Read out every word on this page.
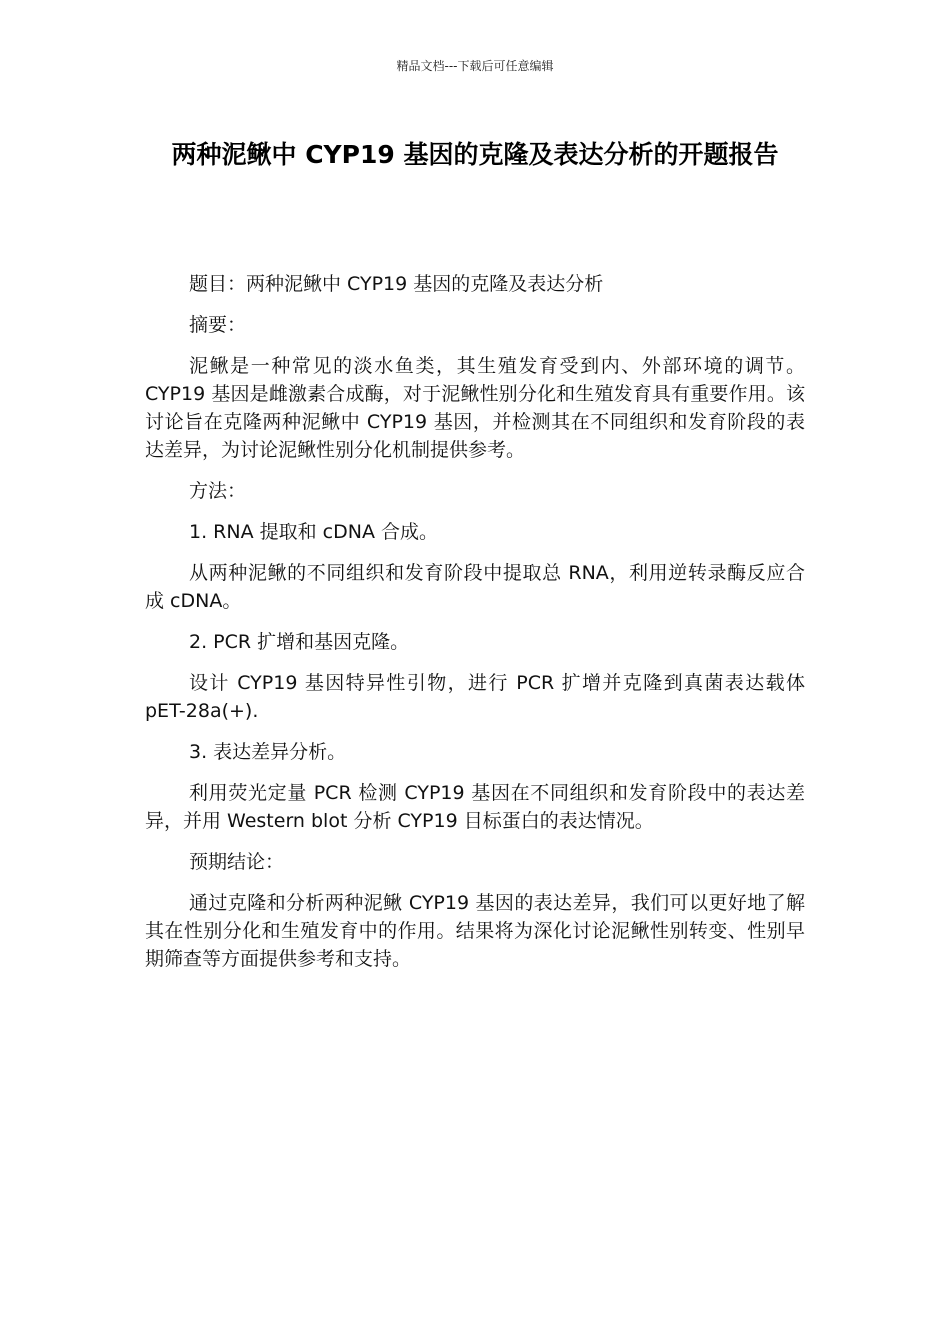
精品文档---下载后可任意编辑
两种泥鳅中 CYP19 基因的克隆及表达分析的开题报告

题目：两种泥鳅中 CYP19 基因的克隆及表达分析

摘要：

泥鳅是一种常见的淡水鱼类，其生殖发育受到内、外部环境的调节。CYP19 基因是雌激素合成酶，对于泥鳅性别分化和生殖发育具有重要作用。该讨论旨在克隆两种泥鳅中 CYP19 基因，并检测其在不同组织和发育阶段的表达差异，为讨论泥鳅性别分化机制提供参考。

方法：

1. RNA 提取和 cDNA 合成。

从两种泥鳅的不同组织和发育阶段中提取总 RNA，利用逆转录酶反应合成 cDNA。

2. PCR 扩增和基因克隆。

设计 CYP19 基因特异性引物，进行 PCR 扩增并克隆到真菌表达载体 pET-28a(+).

3. 表达差异分析。

利用荧光定量 PCR 检测 CYP19 基因在不同组织和发育阶段中的表达差异，并用 Western blot 分析 CYP19 目标蛋白的表达情况。

预期结论：

通过克隆和分析两种泥鳅 CYP19 基因的表达差异，我们可以更好地了解其在性别分化和生殖发育中的作用。结果将为深化讨论泥鳅性别转变、性别早期筛查等方面提供参考和支持。
